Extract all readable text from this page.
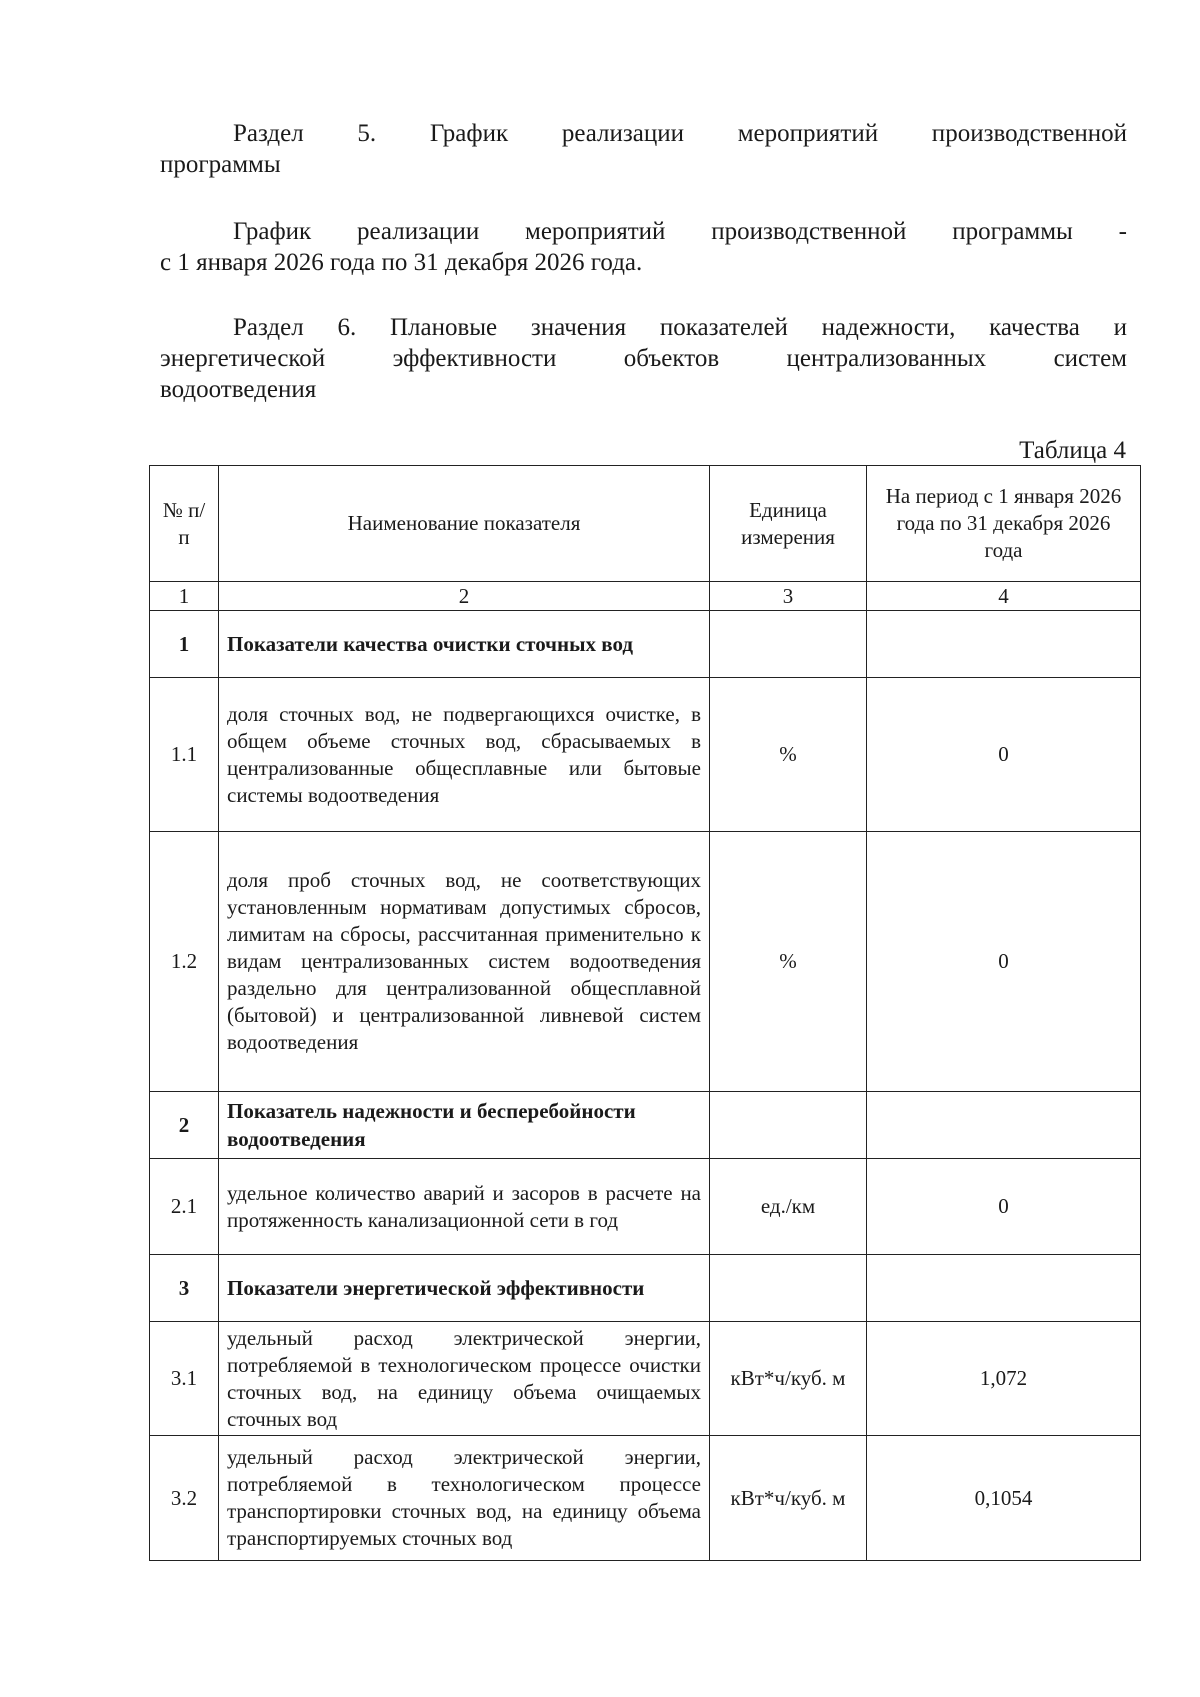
Раздел 5. График реализации мероприятий производственной
программы

График реализации мероприятий производственной программы -
с 1 января 2026 года по 31 декабря 2026 года.

Раздел 6. Плановые значения показателей надежности, качества и
энергетической эффективности объектов централизованных систем
водоотведения

Таблица 4
№ п/п	Наименование показателя	Единица измерения	На период с 1 января 2026 года по 31 декабря 2026 года
1	2	3	4
1	Показатели качества очистки сточных вод		
1.1	доля сточных вод, не подвергающихся очистке, в общем объеме сточных вод, сбрасываемых в централизованные общесплавные или бытовые системы водоотведения	%	0
1.2	доля проб сточных вод, не соответствующих установленным нормативам допустимых сбросов, лимитам на сбросы, рассчитанная применительно к видам централизованных систем водоотведения раздельно для централизованной общесплавной (бытовой) и централизованной ливневой систем водоотведения	%	0
2	Показатель надежности и бесперебойности водоотведения		
2.1	удельное количество аварий и засоров в расчете на протяженность канализационной сети в год	ед./км	0
3	Показатели энергетической эффективности		
3.1	удельный расход электрической энергии, потребляемой в технологическом процессе очистки сточных вод, на единицу объема очищаемых сточных вод	кВт*ч/куб. м	1,072
3.2	удельный расход электрической энергии, потребляемой в технологическом процессе транспортировки сточных вод, на единицу объема транспортируемых сточных вод	кВт*ч/куб. м	0,1054
